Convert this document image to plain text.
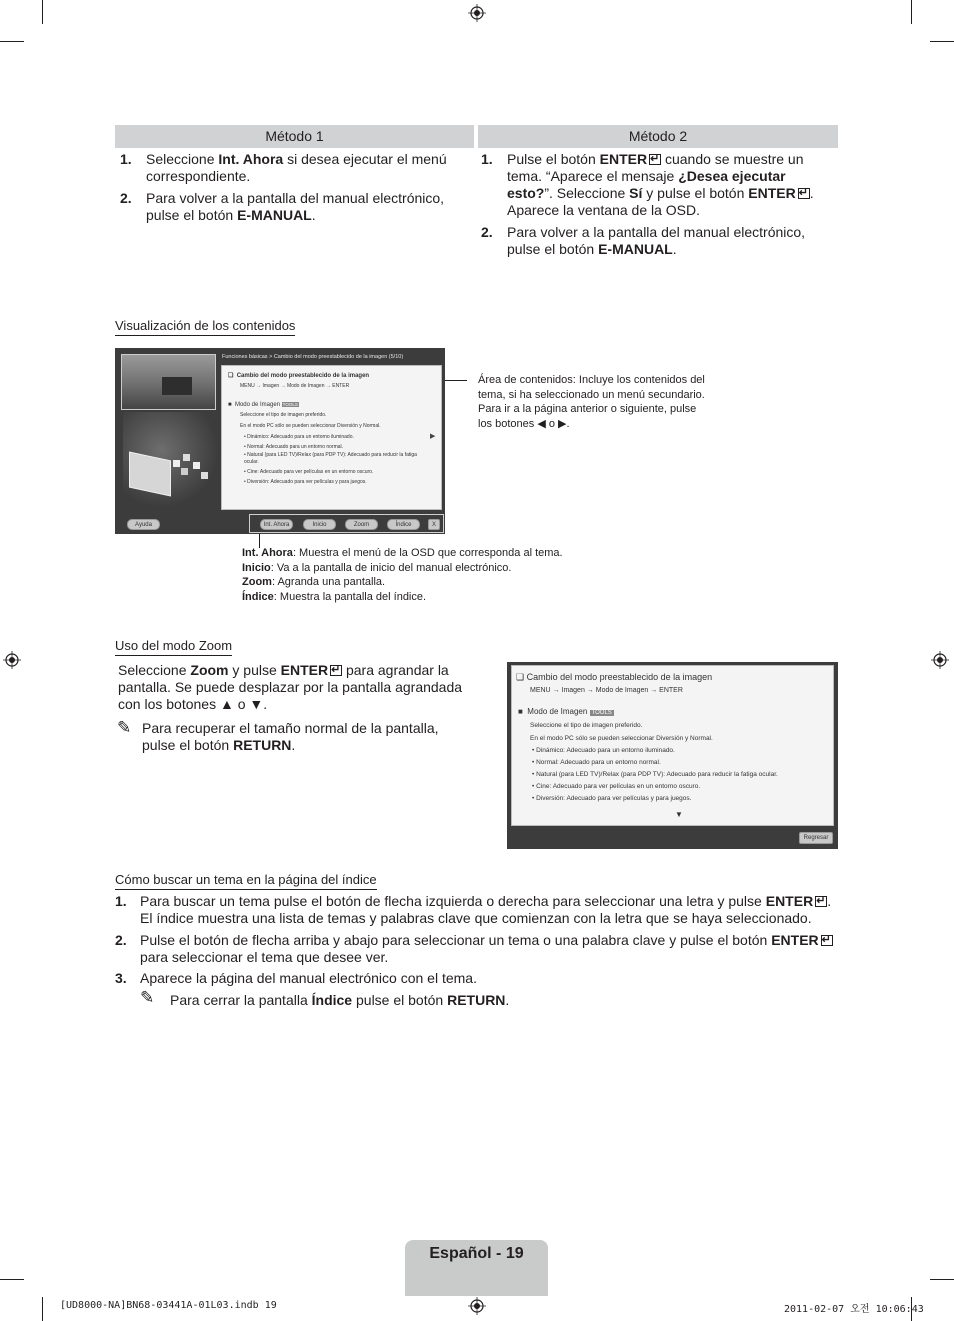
Método 1	Método 2
1. Seleccione Int. Ahora si desea ejecutar el menú correspondiente.
2. Para volver a la pantalla del manual electrónico, pulse el botón E-MANUAL.
1. Pulse el botón ENTER↵ cuando se muestre un tema. “Aparece el mensaje ¿Desea ejecutar esto?”. Seleccione Sí y pulse el botón ENTER↵ . Aparece la ventana de la OSD.
2. Para volver a la pantalla del manual electrónico, pulse el botón E-MANUAL.
Visualización de los contenidos
Funciones básicas > Cambio del modo preestablecido de la imagen (5/10)
❑  Cambio del modo preestablecido de la imagen
MENU → Imagen → Modo de Imagen → ENTER
■  Modo de Imagen TOOLS
Seleccione el tipo de imagen preferido.
En el modo PC sólo se pueden seleccionar Diversión y Normal.
• Dinámico: Adecuado para un entorno iluminado.
• Normal: Adecuado para un entorno normal.
• Natural (para LED TV)/Relax (para PDP TV): Adecuado para reducir la fatiga ocular.
• Cine: Adecuado para ver películas en un entorno oscuro.
• Diversión: Adecuado para ver películas y para juegos.
▶
Ayuda	Int. Ahora	Inicio	Zoom	Índice	X
Área de contenidos: Incluye los contenidos del tema, si ha seleccionado un menú secundario. Para ir a la página anterior o siguiente, pulse los botones ◀ o ▶.
Int. Ahora: Muestra el menú de la OSD que corresponda al tema.
Inicio: Va a la pantalla de inicio del manual electrónico.
Zoom: Agranda una pantalla.
Índice: Muestra la pantalla del índice.
Uso del modo Zoom
Seleccione Zoom y pulse ENTER↵ para agrandar la pantalla. Se puede desplazar por la pantalla agrandada con los botones ▲ o ▼.
✎ Para recuperar el tamaño normal de la pantalla, pulse el botón RETURN.
❑ Cambio del modo preestablecido de la imagen
MENU → Imagen → Modo de Imagen → ENTER
■  Modo de Imagen TOOLS
Seleccione el tipo de imagen preferido.
En el modo PC sólo se pueden seleccionar Diversión y Normal.
• Dinámico: Adecuado para un entorno iluminado.
• Normal: Adecuado para un entorno normal.
• Natural (para LED TV)/Relax (para PDP TV): Adecuado para reducir la fatiga ocular.
• Cine: Adecuado para ver películas en un entorno oscuro.
• Diversión: Adecuado para ver películas y para juegos.
▼
Regresar
Cómo buscar un tema en la página del índice
1. Para buscar un tema pulse el botón de flecha izquierda o derecha para seleccionar una letra y pulse ENTER↵ . El índice muestra una lista de temas y palabras clave que comienzan con la letra que se haya seleccionado.
2. Pulse el botón de flecha arriba y abajo para seleccionar un tema o una palabra clave y pulse el botón ENTER↵ para seleccionar el tema que desee ver.
3. Aparece la página del manual electrónico con el tema.
✎ Para cerrar la pantalla Índice pulse el botón RETURN.
Español - 19
[UD8000-NA]BN68-03441A-01L03.indb 19	2011-02-07 오전 10:06:43
